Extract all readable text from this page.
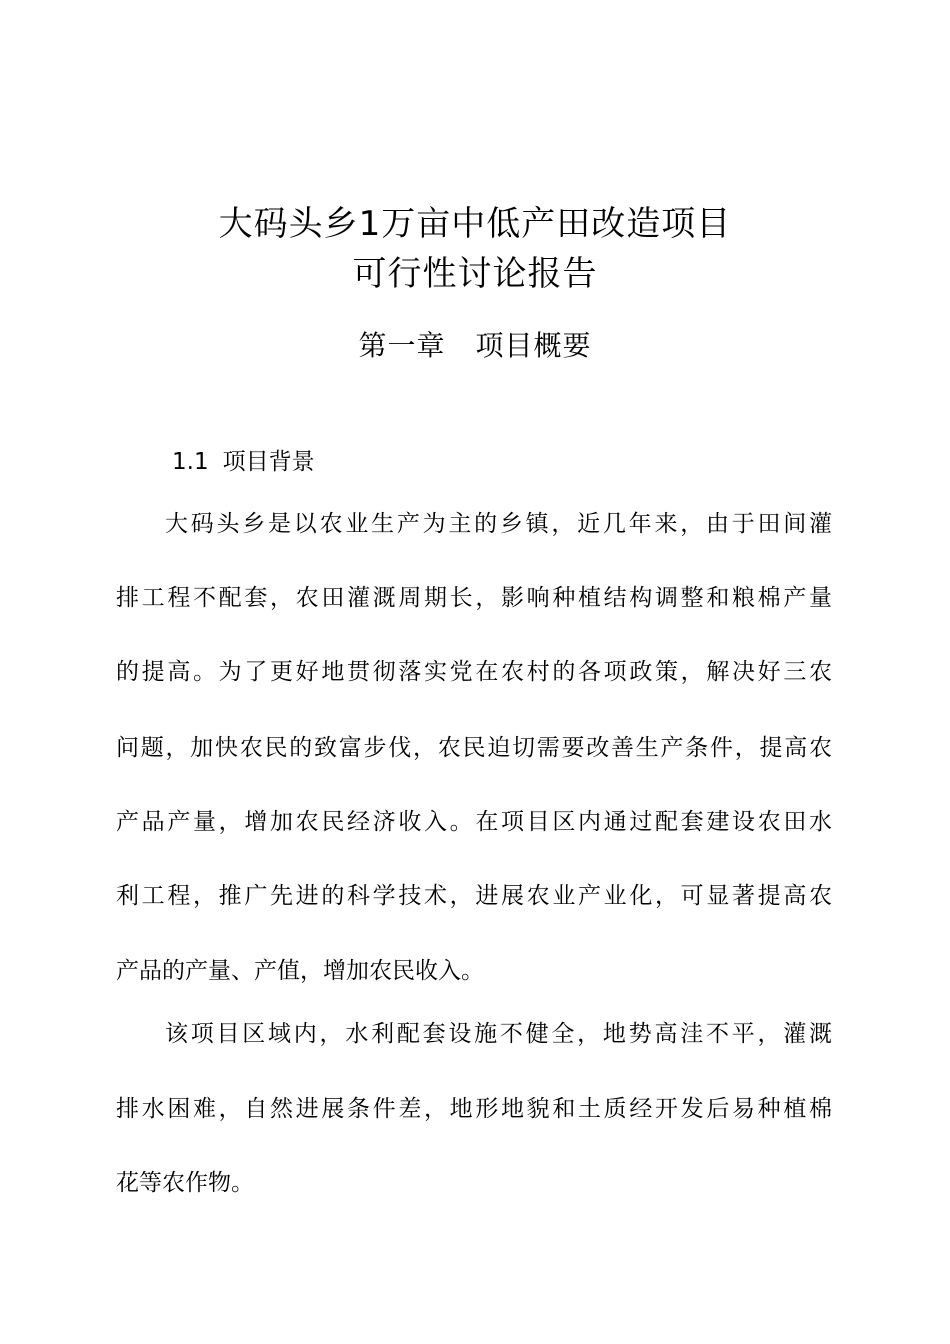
大码头乡1万亩中低产田改造项目
可行性讨论报告
第一章 项目概要
1.1 项目背景
大码头乡是以农业生产为主的乡镇，近几年来，由于田间灌
排工程不配套，农田灌溉周期长，影响种植结构调整和粮棉产量
的提高。为了更好地贯彻落实党在农村的各项政策，解决好三农
问题，加快农民的致富步伐，农民迫切需要改善生产条件，提高农
产品产量，增加农民经济收入。在项目区内通过配套建设农田水
利工程，推广先进的科学技术，进展农业产业化，可显著提高农
产品的产量、产值，增加农民收入。
该项目区域内，水利配套设施不健全，地势高洼不平，灌溉
排水困难，自然进展条件差，地形地貌和土质经开发后易种植棉
花等农作物。
